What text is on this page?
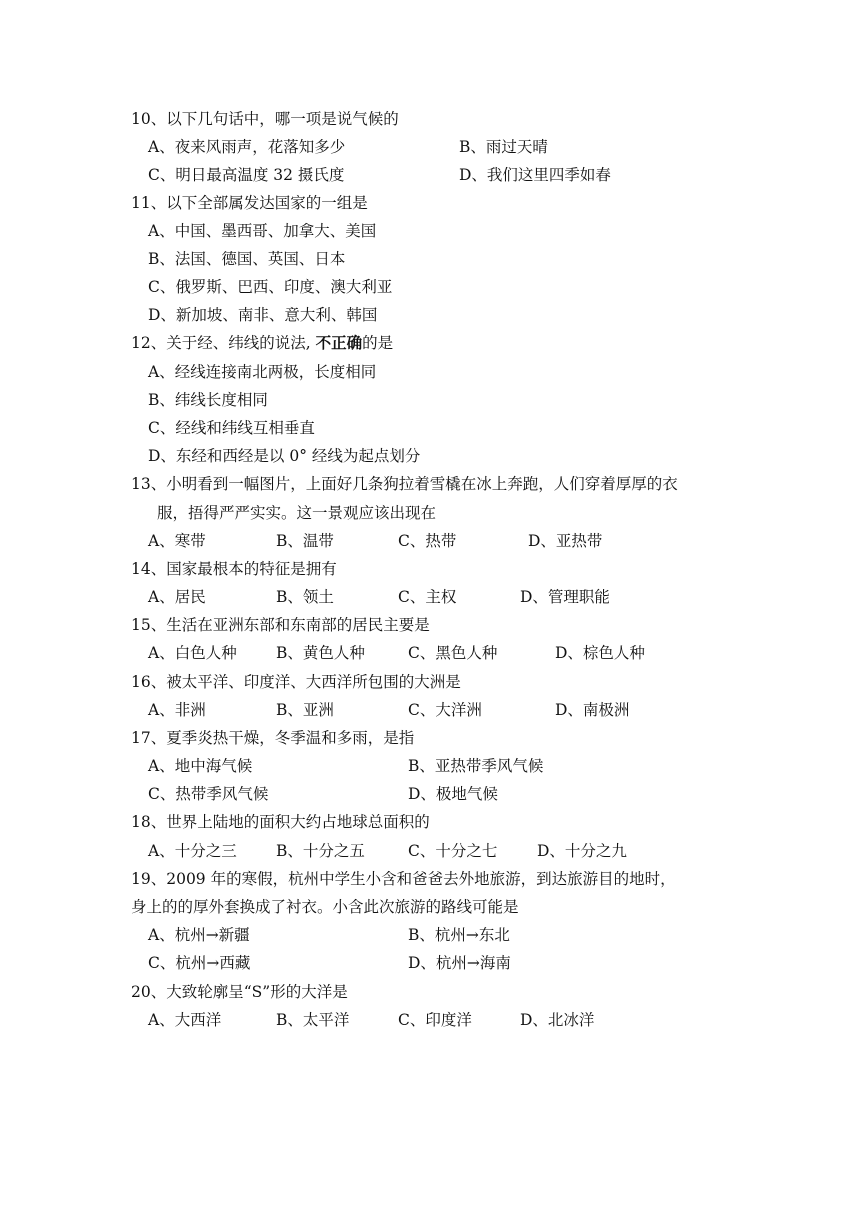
10、以下几句话中，哪一项是说气候的
A、夜来风雨声，花落知多少	B、雨过天晴
C、明日最高温度 32 摄氏度	D、我们这里四季如春
11、以下全部属发达国家的一组是
A、中国、墨西哥、加拿大、美国
B、法国、德国、英国、日本
C、俄罗斯、巴西、印度、澳大利亚
D、新加坡、南非、意大利、韩国
12、关于经、纬线的说法, 不正确的是
A、经线连接南北两极，长度相同
B、纬线长度相同
C、经线和纬线互相垂直
D、东经和西经是以 0° 经线为起点划分
13、小明看到一幅图片，上面好几条狗拉着雪橇在冰上奔跑，人们穿着厚厚的衣
服，捂得严严实实。这一景观应该出现在
A、寒带	B、温带	C、热带	D、亚热带
14、国家最根本的特征是拥有
A、居民	B、领土	C、主权	D、管理职能
15、生活在亚洲东部和东南部的居民主要是
A、白色人种	B、黄色人种	C、黑色人种	D、棕色人种
16、被太平洋、印度洋、大西洋所包围的大洲是
A、非洲	B、亚洲	C、大洋洲	D、南极洲
17、夏季炎热干燥，冬季温和多雨，是指
A、地中海气候	B、亚热带季风气候
C、热带季风气候	D、极地气候
18、世界上陆地的面积大约占地球总面积的
A、十分之三	B、十分之五	C、十分之七	D、十分之九
19、2009 年的寒假，杭州中学生小含和爸爸去外地旅游，到达旅游目的地时，
身上的的厚外套换成了衬衣。小含此次旅游的路线可能是
A、杭州→新疆	B、杭州→东北
C、杭州→西藏	D、杭州→海南
20、大致轮廓呈“S”形的大洋是
A、大西洋	B、太平洋	C、印度洋	D、北冰洋
